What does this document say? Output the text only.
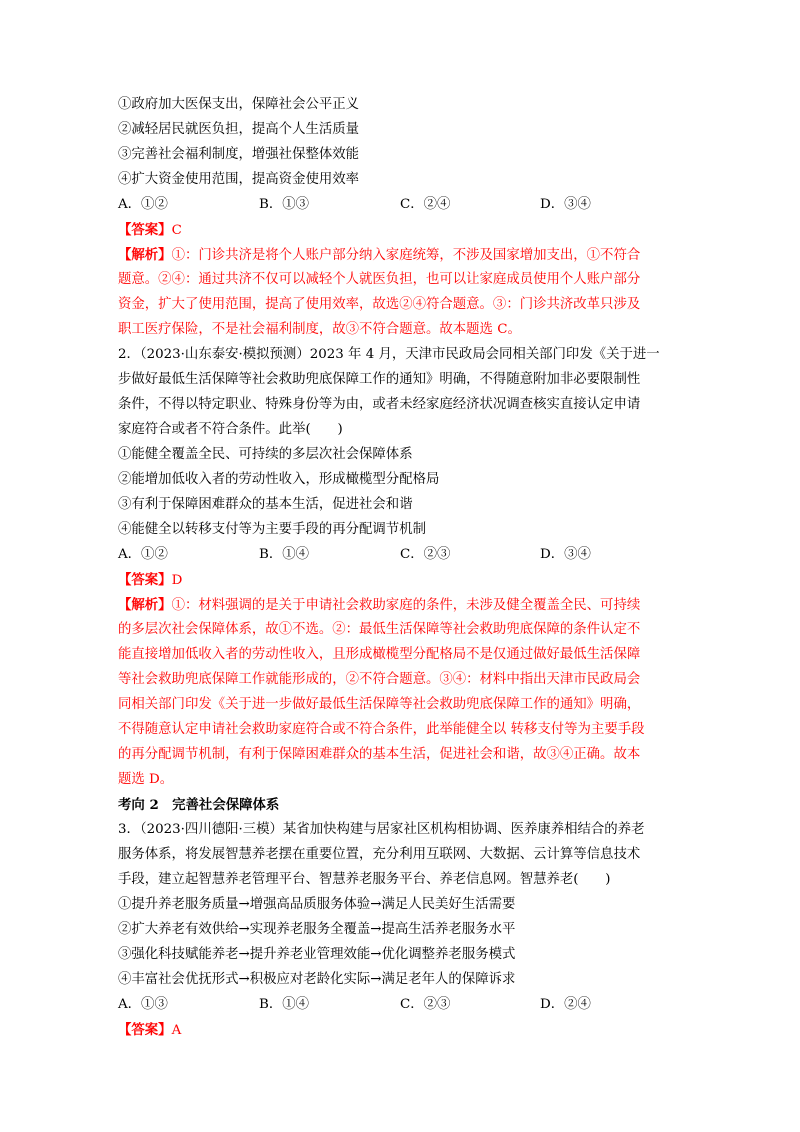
①政府加大医保支出，保障社会公平正义
②减轻居民就医负担，提高个人生活质量
③完善社会福利制度，增强社保整体效能
④扩大资金使用范围，提高资金使用效率
A．①②	B．①③	C．②④	D．③④
【答案】C
【解析】①：门诊共济是将个人账户部分纳入家庭统筹，不涉及国家增加支出，①不符合
题意。②④：通过共济不仅可以减轻个人就医负担，也可以让家庭成员使用个人账户部分
资金，扩大了使用范围，提高了使用效率，故选②④符合题意。③：门诊共济改革只涉及
职工医疗保险，不是社会福利制度，故③不符合题意。故本题选 C。
2．（2023·山东泰安·模拟预测）2023 年 4 月，天津市民政局会同相关部门印发《关于进一
步做好最低生活保障等社会救助兜底保障工作的通知》明确，不得随意附加非必要限制性
条件，不得以特定职业、特殊身份等为由，或者未经家庭经济状况调查核实直接认定申请
家庭符合或者不符合条件。此举(　　)
①能健全覆盖全民、可持续的多层次社会保障体系
②能增加低收入者的劳动性收入，形成橄榄型分配格局
③有利于保障困难群众的基本生活，促进社会和谐
④能健全以转移支付等为主要手段的再分配调节机制
A．①②	B．①④	C．②③	D．③④
【答案】D
【解析】①：材料强调的是关于申请社会救助家庭的条件，未涉及健全覆盖全民、可持续
的多层次社会保障体系，故①不选。②：最低生活保障等社会救助兜底保障的条件认定不
能直接增加低收入者的劳动性收入，且形成橄榄型分配格局不是仅通过做好最低生活保障
等社会救助兜底保障工作就能形成的，②不符合题意。③④：材料中指出天津市民政局会
同相关部门印发《关于进一步做好最低生活保障等社会救助兜底保障工作的通知》明确，
不得随意认定申请社会救助家庭符合或不符合条件，此举能健全以 转移支付等为主要手段
的再分配调节机制，有利于保障困难群众的基本生活，促进社会和谐，故③④正确。故本
题选 D。
考向 2　完善社会保障体系
3．（2023·四川德阳·三模）某省加快构建与居家社区机构相协调、医养康养相结合的养老
服务体系，将发展智慧养老摆在重要位置，充分利用互联网、大数据、云计算等信息技术
手段，建立起智慧养老管理平台、智慧养老服务平台、养老信息网。智慧养老(　　)
①提升养老服务质量→增强高品质服务体验→满足人民美好生活需要
②扩大养老有效供给→实现养老服务全覆盖→提高生活养老服务水平
③强化科技赋能养老→提升养老业管理效能→优化调整养老服务模式
④丰富社会优抚形式→积极应对老龄化实际→满足老年人的保障诉求
A．①③	B．①④	C．②③	D．②④
【答案】A
